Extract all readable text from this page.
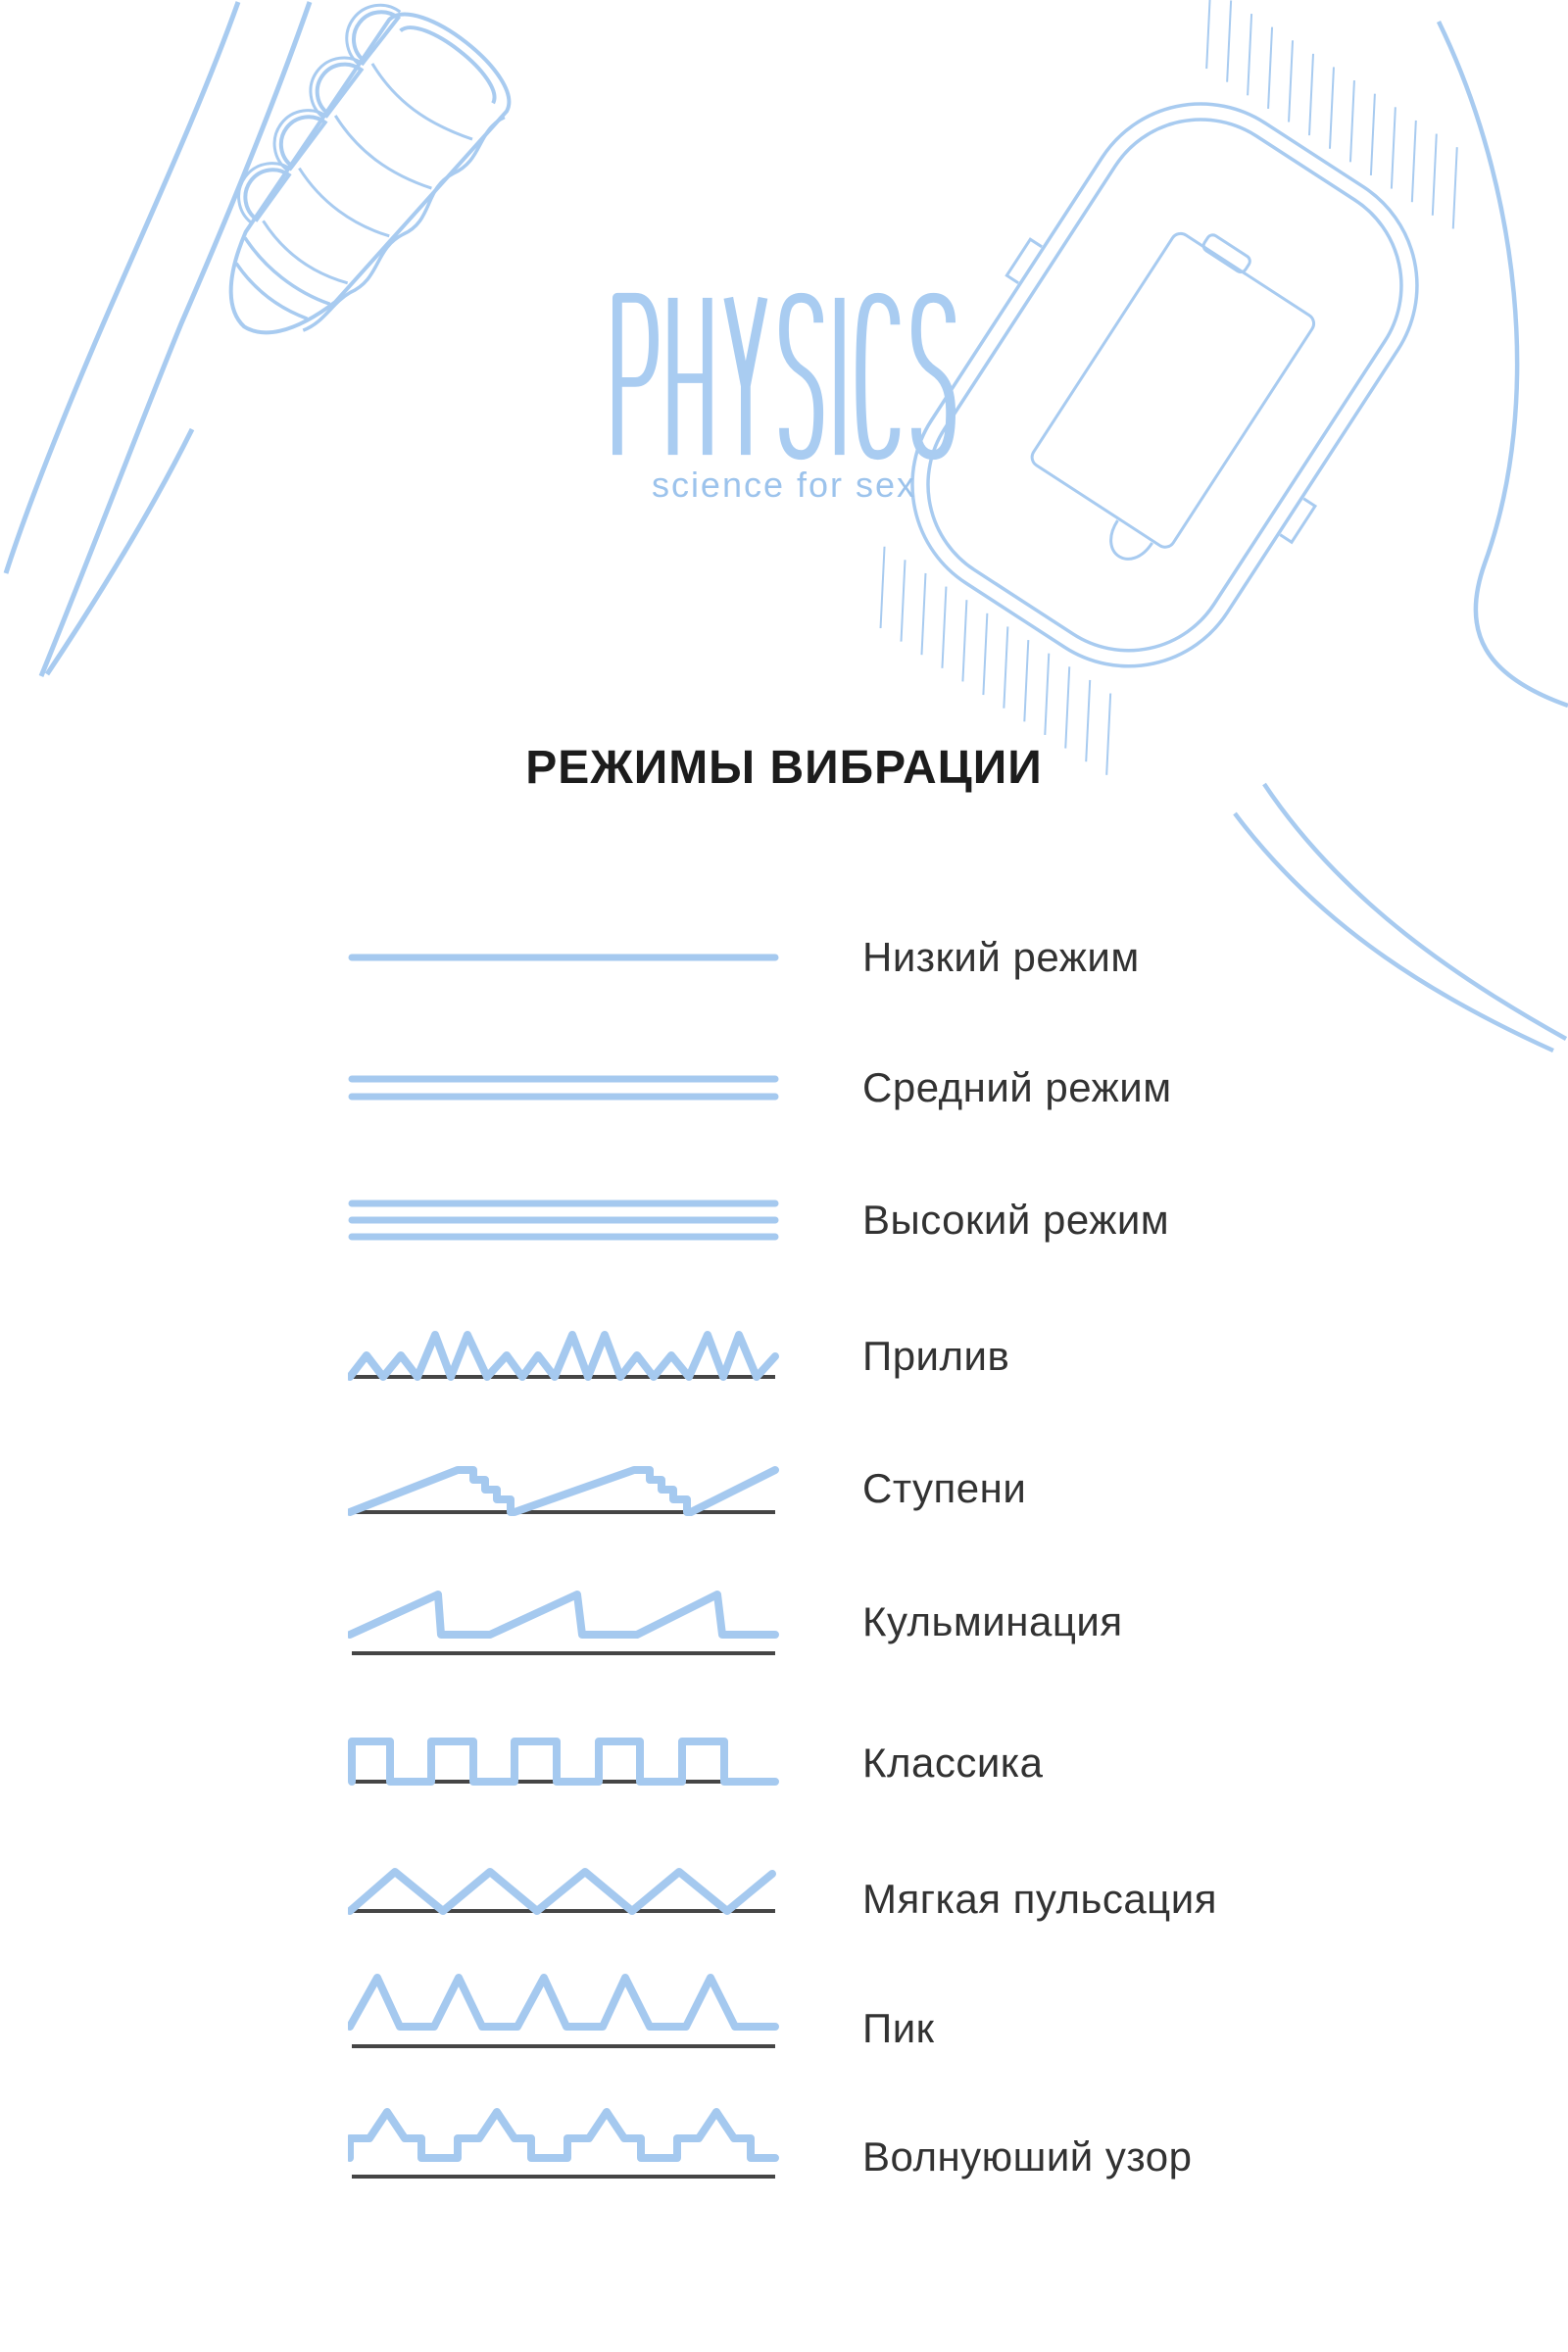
science for sex
РЕЖИМЫ ВИБРАЦИИ
Низкий режим
Средний режим
Высокий режим
Прилив
Ступени
Кульминация
Классика
Мягкая пульсация
Пик
Волнуюший узор
